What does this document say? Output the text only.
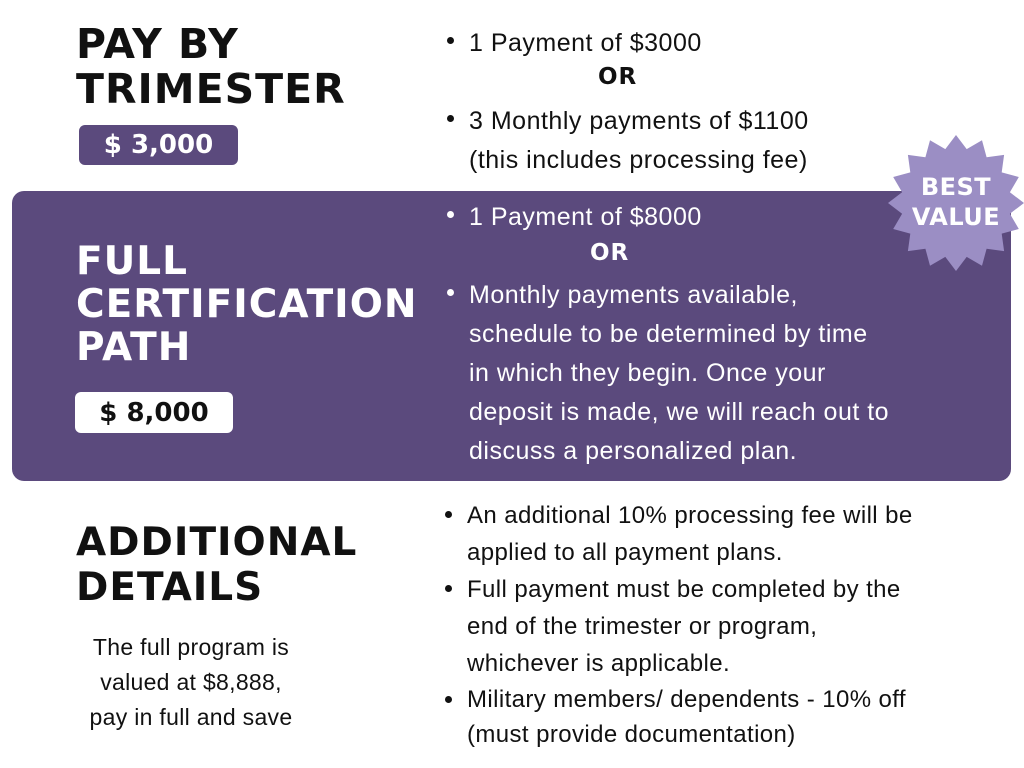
PAY BY
TRIMESTER
$ 3,000
1 Payment of $3000
3 Monthly payments of $1100
(this includes processing fee)
OR
FULL
CERTIFICATION
PATH
$ 8,000
1 Payment of $8000
Monthly payments available,
schedule to be determined by time
in which they begin. Once your
deposit is made, we will reach out to
discuss a personalized plan.
OR
BEST
VALUE
ADDITIONAL
DETAILS

The full program is
valued at $8,888,
pay in full and save

An additional 10% processing fee will be
applied to all payment plans.
Full payment must be completed by the
end of the trimester or program,
whichever is applicable.
Military members/ dependents - 10% off
(must provide documentation)
